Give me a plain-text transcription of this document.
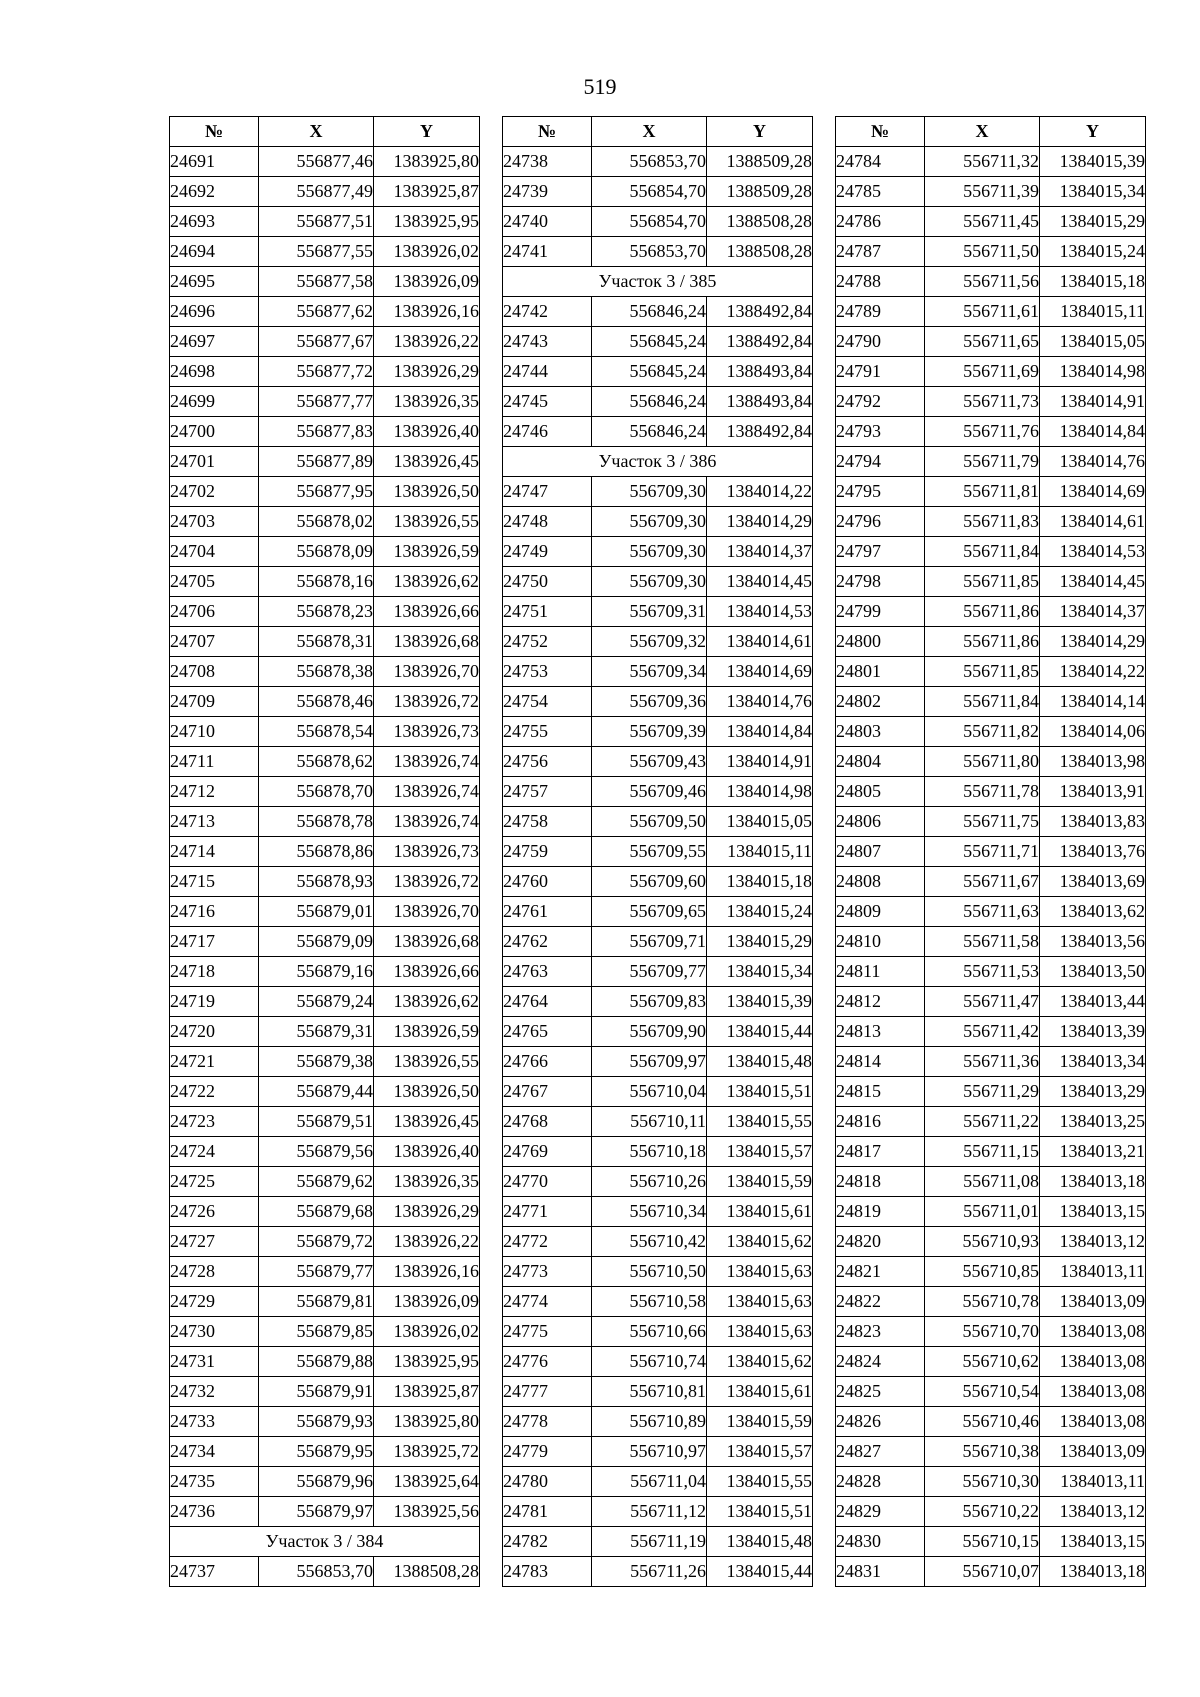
519
№	X	Y
24691	556877,46	1383925,80
24692	556877,49	1383925,87
24693	556877,51	1383925,95
24694	556877,55	1383926,02
24695	556877,58	1383926,09
24696	556877,62	1383926,16
24697	556877,67	1383926,22
24698	556877,72	1383926,29
24699	556877,77	1383926,35
24700	556877,83	1383926,40
24701	556877,89	1383926,45
24702	556877,95	1383926,50
24703	556878,02	1383926,55
24704	556878,09	1383926,59
24705	556878,16	1383926,62
24706	556878,23	1383926,66
24707	556878,31	1383926,68
24708	556878,38	1383926,70
24709	556878,46	1383926,72
24710	556878,54	1383926,73
24711	556878,62	1383926,74
24712	556878,70	1383926,74
24713	556878,78	1383926,74
24714	556878,86	1383926,73
24715	556878,93	1383926,72
24716	556879,01	1383926,70
24717	556879,09	1383926,68
24718	556879,16	1383926,66
24719	556879,24	1383926,62
24720	556879,31	1383926,59
24721	556879,38	1383926,55
24722	556879,44	1383926,50
24723	556879,51	1383926,45
24724	556879,56	1383926,40
24725	556879,62	1383926,35
24726	556879,68	1383926,29
24727	556879,72	1383926,22
24728	556879,77	1383926,16
24729	556879,81	1383926,09
24730	556879,85	1383926,02
24731	556879,88	1383925,95
24732	556879,91	1383925,87
24733	556879,93	1383925,80
24734	556879,95	1383925,72
24735	556879,96	1383925,64
24736	556879,97	1383925,56
Участок 3 / 384		
24737	556853,70	1388508,28
№	X	Y
24738	556853,70	1388509,28
24739	556854,70	1388509,28
24740	556854,70	1388508,28
24741	556853,70	1388508,28
Участок 3 / 385		
24742	556846,24	1388492,84
24743	556845,24	1388492,84
24744	556845,24	1388493,84
24745	556846,24	1388493,84
24746	556846,24	1388492,84
Участок 3 / 386		
24747	556709,30	1384014,22
24748	556709,30	1384014,29
24749	556709,30	1384014,37
24750	556709,30	1384014,45
24751	556709,31	1384014,53
24752	556709,32	1384014,61
24753	556709,34	1384014,69
24754	556709,36	1384014,76
24755	556709,39	1384014,84
24756	556709,43	1384014,91
24757	556709,46	1384014,98
24758	556709,50	1384015,05
24759	556709,55	1384015,11
24760	556709,60	1384015,18
24761	556709,65	1384015,24
24762	556709,71	1384015,29
24763	556709,77	1384015,34
24764	556709,83	1384015,39
24765	556709,90	1384015,44
24766	556709,97	1384015,48
24767	556710,04	1384015,51
24768	556710,11	1384015,55
24769	556710,18	1384015,57
24770	556710,26	1384015,59
24771	556710,34	1384015,61
24772	556710,42	1384015,62
24773	556710,50	1384015,63
24774	556710,58	1384015,63
24775	556710,66	1384015,63
24776	556710,74	1384015,62
24777	556710,81	1384015,61
24778	556710,89	1384015,59
24779	556710,97	1384015,57
24780	556711,04	1384015,55
24781	556711,12	1384015,51
24782	556711,19	1384015,48
24783	556711,26	1384015,44
№	X	Y
24784	556711,32	1384015,39
24785	556711,39	1384015,34
24786	556711,45	1384015,29
24787	556711,50	1384015,24
24788	556711,56	1384015,18
24789	556711,61	1384015,11
24790	556711,65	1384015,05
24791	556711,69	1384014,98
24792	556711,73	1384014,91
24793	556711,76	1384014,84
24794	556711,79	1384014,76
24795	556711,81	1384014,69
24796	556711,83	1384014,61
24797	556711,84	1384014,53
24798	556711,85	1384014,45
24799	556711,86	1384014,37
24800	556711,86	1384014,29
24801	556711,85	1384014,22
24802	556711,84	1384014,14
24803	556711,82	1384014,06
24804	556711,80	1384013,98
24805	556711,78	1384013,91
24806	556711,75	1384013,83
24807	556711,71	1384013,76
24808	556711,67	1384013,69
24809	556711,63	1384013,62
24810	556711,58	1384013,56
24811	556711,53	1384013,50
24812	556711,47	1384013,44
24813	556711,42	1384013,39
24814	556711,36	1384013,34
24815	556711,29	1384013,29
24816	556711,22	1384013,25
24817	556711,15	1384013,21
24818	556711,08	1384013,18
24819	556711,01	1384013,15
24820	556710,93	1384013,12
24821	556710,85	1384013,11
24822	556710,78	1384013,09
24823	556710,70	1384013,08
24824	556710,62	1384013,08
24825	556710,54	1384013,08
24826	556710,46	1384013,08
24827	556710,38	1384013,09
24828	556710,30	1384013,11
24829	556710,22	1384013,12
24830	556710,15	1384013,15
24831	556710,07	1384013,18
